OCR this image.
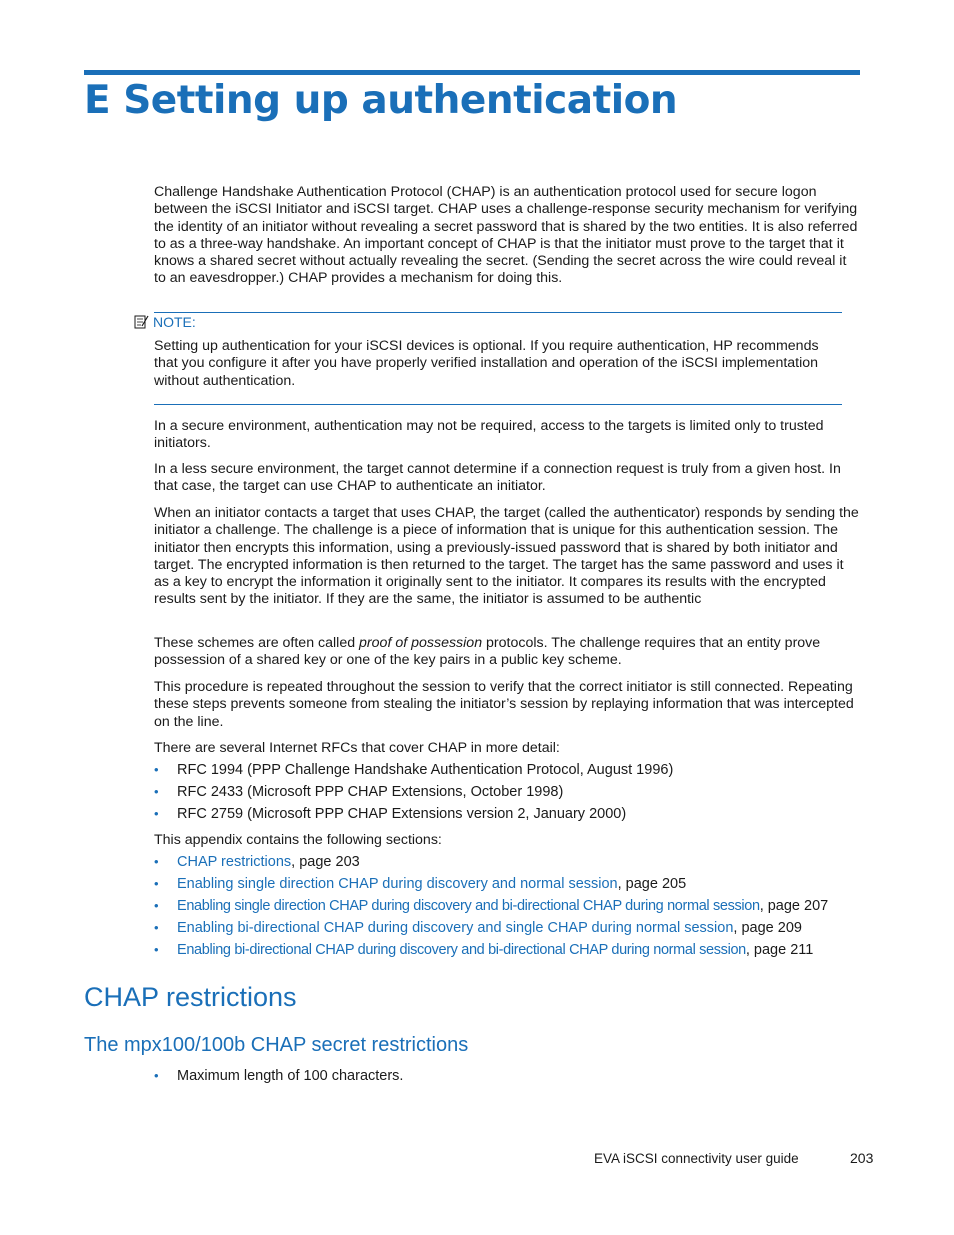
E Setting up authentication

Challenge Handshake Authentication Protocol (CHAP) is an authentication protocol used for secure logon between the iSCSI Initiator and iSCSI target. CHAP uses a challenge-response security mechanism for verifying the identity of an initiator without revealing a secret password that is shared by the two entities. It is also referred to as a three-way handshake. An important concept of CHAP is that the initiator must prove to the target that it knows a shared secret without actually revealing the secret. (Sending the secret across the wire could reveal it to an eavesdropper.) CHAP provides a mechanism for doing this.

NOTE:

Setting up authentication for your iSCSI devices is optional. If you require authentication, HP recommends that you configure it after you have properly verified installation and operation of the iSCSI implementation without authentication.

In a secure environment, authentication may not be required, access to the targets is limited only to trusted initiators.

In a less secure environment, the target cannot determine if a connection request is truly from a given host. In that case, the target can use CHAP to authenticate an initiator.

When an initiator contacts a target that uses CHAP, the target (called the authenticator) responds by sending the initiator a challenge. The challenge is a piece of information that is unique for this authentication session. The initiator then encrypts this information, using a previously-issued password that is shared by both initiator and target. The encrypted information is then returned to the target. The target has the same password and uses it as a key to encrypt the information it originally sent to the initiator. It compares its results with the encrypted results sent by the initiator. If they are the same, the initiator is assumed to be authentic

These schemes are often called proof of possession protocols. The challenge requires that an entity prove possession of a shared key or one of the key pairs in a public key scheme.

This procedure is repeated throughout the session to verify that the correct initiator is still connected. Repeating these steps prevents someone from stealing the initiator’s session by replaying information that was intercepted on the line.

There are several Internet RFCs that cover CHAP in more detail:

• RFC 1994 (PPP Challenge Handshake Authentication Protocol, August 1996)
• RFC 2433 (Microsoft PPP CHAP Extensions, October 1998)
• RFC 2759 (Microsoft PPP CHAP Extensions version 2, January 2000)

This appendix contains the following sections:

• CHAP restrictions, page 203
• Enabling single direction CHAP during discovery and normal session, page 205
• Enabling single direction CHAP during discovery and bi-directional CHAP during normal session, page 207
• Enabling bi-directional CHAP during discovery and single CHAP during normal session, page 209
• Enabling bi-directional CHAP during discovery and bi-directional CHAP during normal session, page 211
CHAP restrictions
The mpx100/100b CHAP secret restrictions
• Maximum length of 100 characters.
EVA iSCSI connectivity user guide	203
